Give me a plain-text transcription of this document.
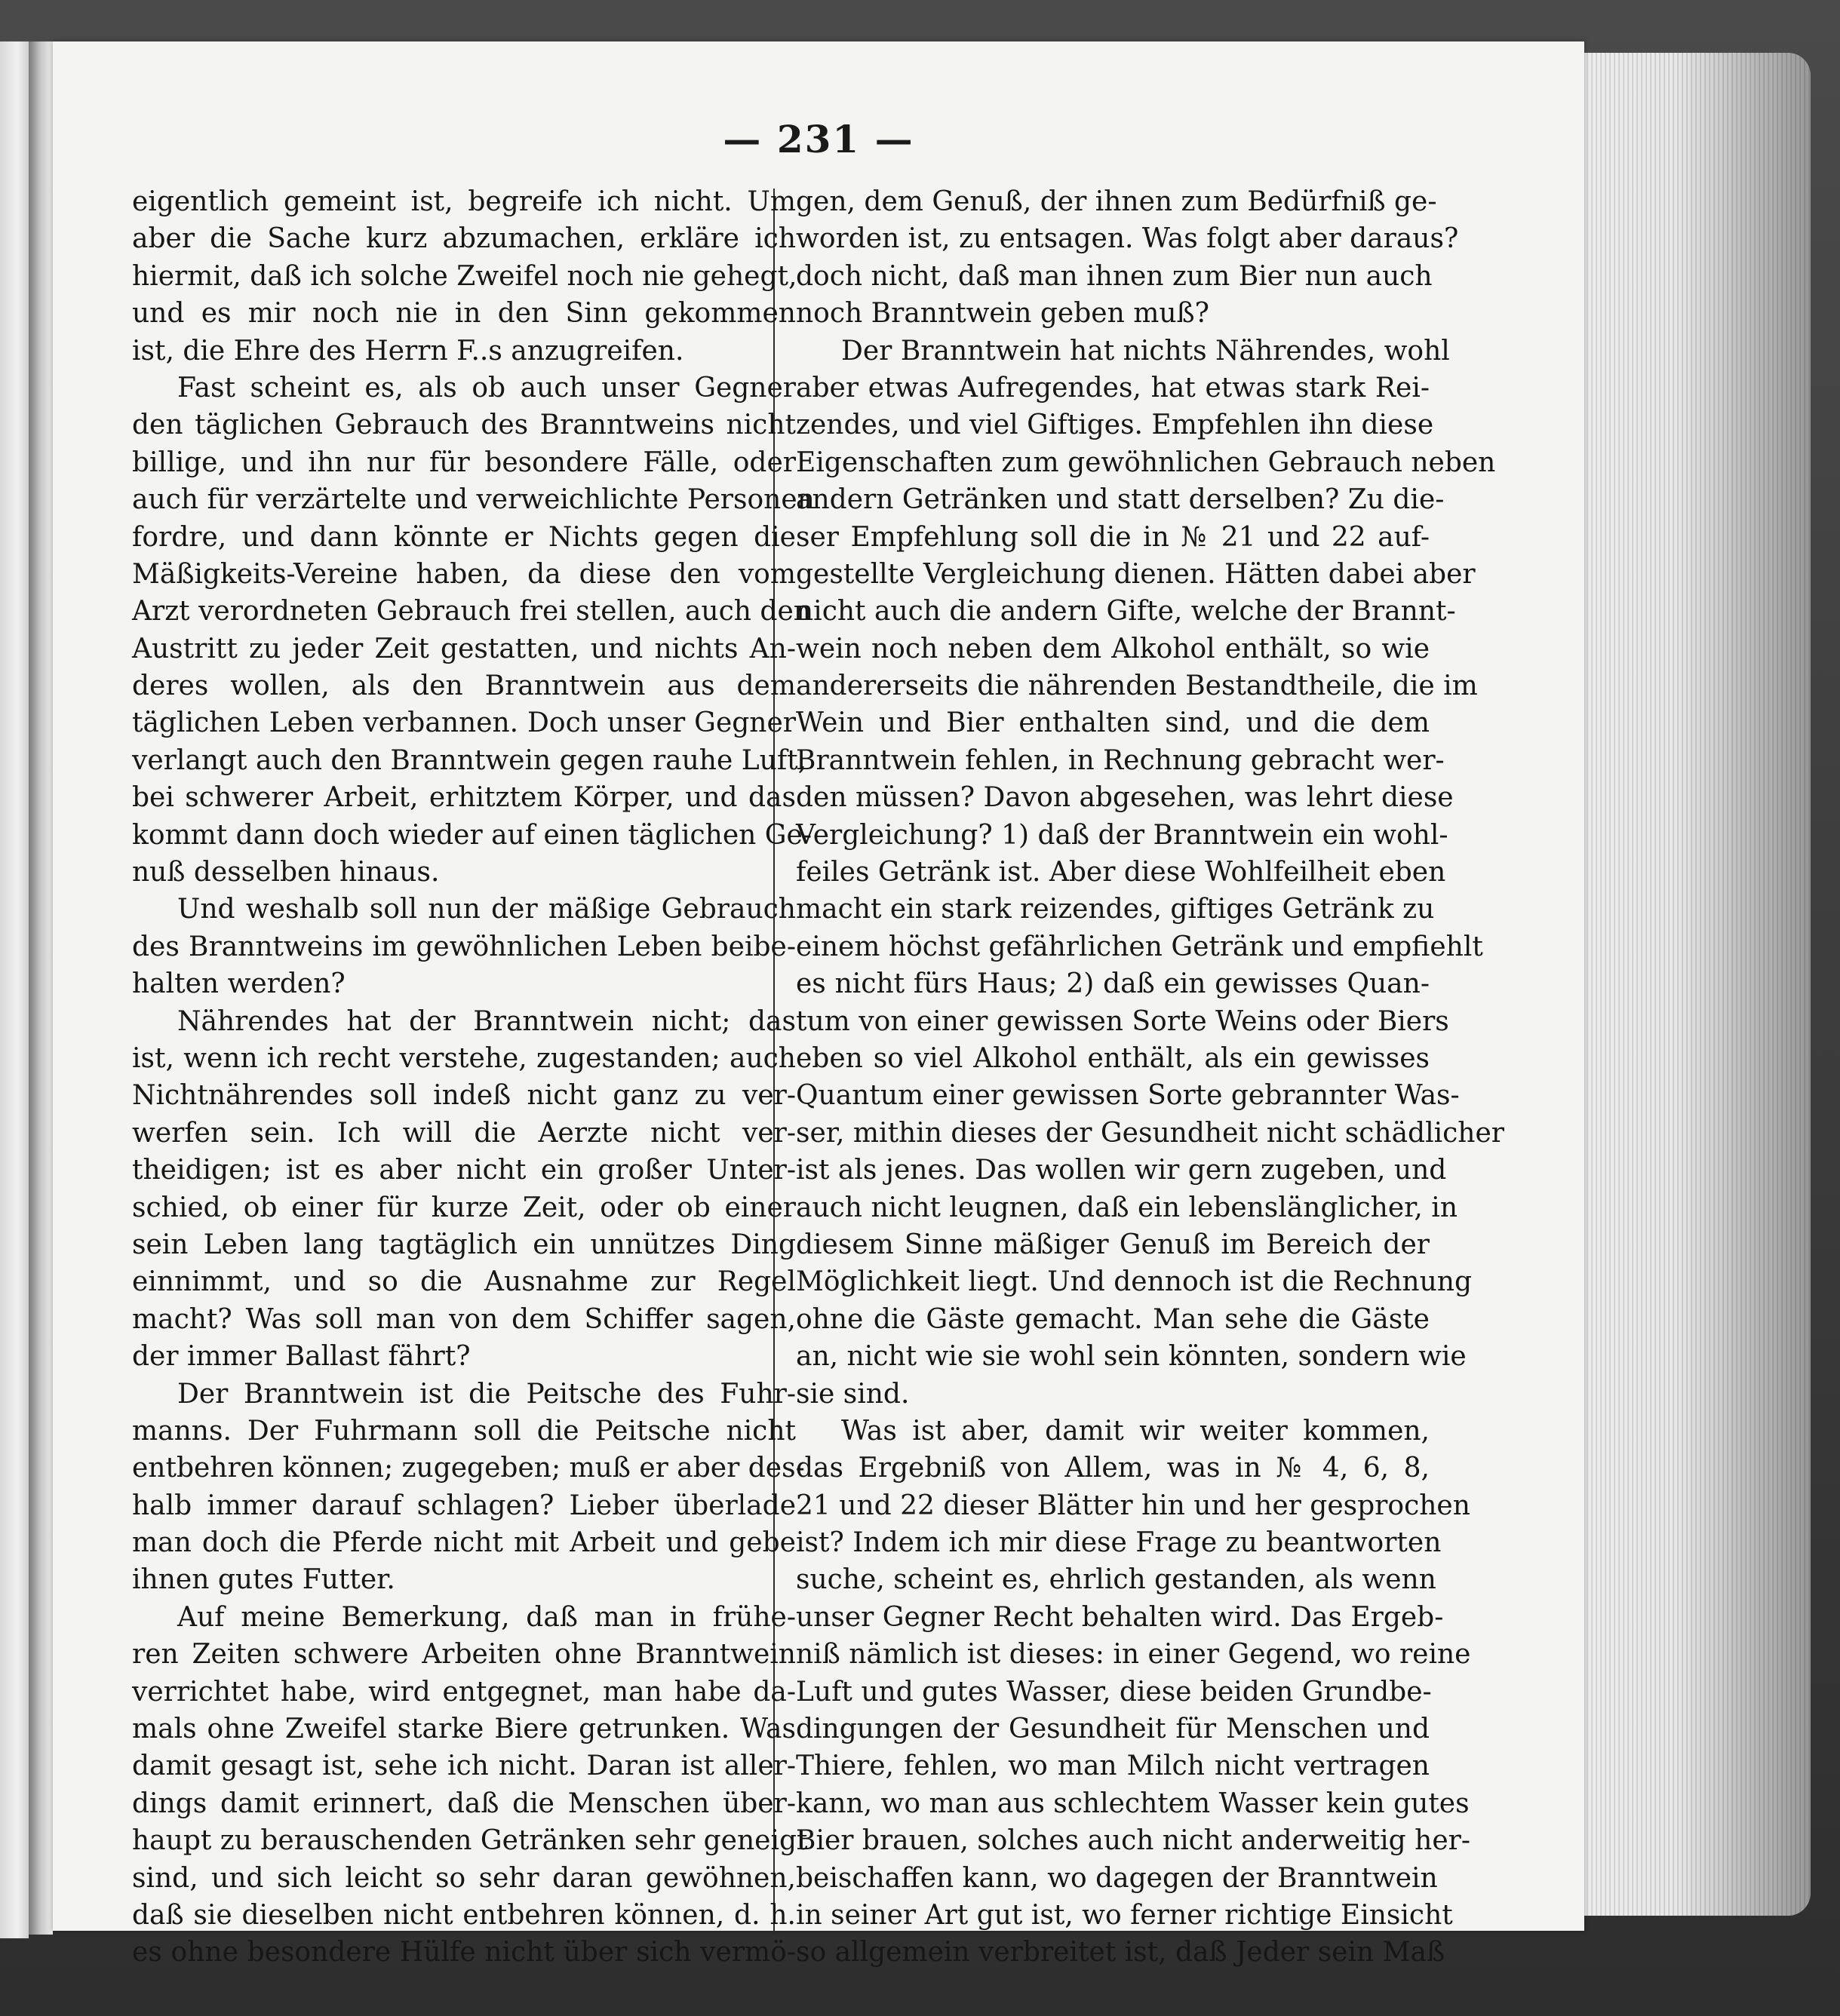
— 231 —
eigentlich gemeint ist, begreife ich nicht. Um
aber die Sache kurz abzumachen, erkläre ich
hiermit, daß ich solche Zweifel noch nie gehegt,
und es mir noch nie in den Sinn gekommen
ist, die Ehre des Herrn F..s anzugreifen.
Fast scheint es, als ob auch unser Gegner
den täglichen Gebrauch des Branntweins nicht
billige, und ihn nur für besondere Fälle, oder
auch für verzärtelte und verweichlichte Personen
fordre, und dann könnte er Nichts gegen die
Mäßigkeits-Vereine haben, da diese den vom
Arzt verordneten Gebrauch frei stellen, auch den
Austritt zu jeder Zeit gestatten, und nichts An-
deres wollen, als den Branntwein aus dem
täglichen Leben verbannen. Doch unser Gegner
verlangt auch den Branntwein gegen rauhe Luft,
bei schwerer Arbeit, erhitztem Körper, und das
kommt dann doch wieder auf einen täglichen Ge-
nuß desselben hinaus.
Und weshalb soll nun der mäßige Gebrauch
des Branntweins im gewöhnlichen Leben beibe-
halten werden?
Nährendes hat der Branntwein nicht; das
ist, wenn ich recht verstehe, zugestanden; auch
Nichtnährendes soll indeß nicht ganz zu ver-
werfen sein. Ich will die Aerzte nicht ver-
theidigen; ist es aber nicht ein großer Unter-
schied, ob einer für kurze Zeit, oder ob einer
sein Leben lang tagtäglich ein unnützes Ding
einnimmt, und so die Ausnahme zur Regel
macht? Was soll man von dem Schiffer sagen,
der immer Ballast fährt?
Der Branntwein ist die Peitsche des Fuhr-
manns. Der Fuhrmann soll die Peitsche nicht
entbehren können; zugegeben; muß er aber des-
halb immer darauf schlagen? Lieber überlade
man doch die Pferde nicht mit Arbeit und gebe
ihnen gutes Futter.
Auf meine Bemerkung, daß man in frühe-
ren Zeiten schwere Arbeiten ohne Branntwein
verrichtet habe, wird entgegnet, man habe da-
mals ohne Zweifel starke Biere getrunken. Was
damit gesagt ist, sehe ich nicht. Daran ist aller-
dings damit erinnert, daß die Menschen über-
haupt zu berauschenden Getränken sehr geneigt
sind, und sich leicht so sehr daran gewöhnen,
daß sie dieselben nicht entbehren können, d. h.
es ohne besondere Hülfe nicht über sich vermö-
gen, dem Genuß, der ihnen zum Bedürfniß ge-
worden ist, zu entsagen. Was folgt aber daraus?
doch nicht, daß man ihnen zum Bier nun auch
noch Branntwein geben muß?
Der Branntwein hat nichts Nährendes, wohl
aber etwas Aufregendes, hat etwas stark Rei-
zendes, und viel Giftiges. Empfehlen ihn diese
Eigenschaften zum gewöhnlichen Gebrauch neben
andern Getränken und statt derselben? Zu die-
ser Empfehlung soll die in № 21 und 22 auf-
gestellte Vergleichung dienen. Hätten dabei aber
nicht auch die andern Gifte, welche der Brannt-
wein noch neben dem Alkohol enthält, so wie
andererseits die nährenden Bestandtheile, die im
Wein und Bier enthalten sind, und die dem
Branntwein fehlen, in Rechnung gebracht wer-
den müssen? Davon abgesehen, was lehrt diese
Vergleichung? 1) daß der Branntwein ein wohl-
feiles Getränk ist. Aber diese Wohlfeilheit eben
macht ein stark reizendes, giftiges Getränk zu
einem höchst gefährlichen Getränk und empfiehlt
es nicht fürs Haus; 2) daß ein gewisses Quan-
tum von einer gewissen Sorte Weins oder Biers
eben so viel Alkohol enthält, als ein gewisses
Quantum einer gewissen Sorte gebrannter Was-
ser, mithin dieses der Gesundheit nicht schädlicher
ist als jenes. Das wollen wir gern zugeben, und
auch nicht leugnen, daß ein lebenslänglicher, in
diesem Sinne mäßiger Genuß im Bereich der
Möglichkeit liegt. Und dennoch ist die Rechnung
ohne die Gäste gemacht. Man sehe die Gäste
an, nicht wie sie wohl sein könnten, sondern wie
sie sind.
Was ist aber, damit wir weiter kommen,
das Ergebniß von Allem, was in № 4, 6, 8,
21 und 22 dieser Blätter hin und her gesprochen
ist? Indem ich mir diese Frage zu beantworten
suche, scheint es, ehrlich gestanden, als wenn
unser Gegner Recht behalten wird. Das Ergeb-
niß nämlich ist dieses: in einer Gegend, wo reine
Luft und gutes Wasser, diese beiden Grundbe-
dingungen der Gesundheit für Menschen und
Thiere, fehlen, wo man Milch nicht vertragen
kann, wo man aus schlechtem Wasser kein gutes
Bier brauen, solches auch nicht anderweitig her-
beischaffen kann, wo dagegen der Branntwein
in seiner Art gut ist, wo ferner richtige Einsicht
so allgemein verbreitet ist, daß Jeder sein Maß
